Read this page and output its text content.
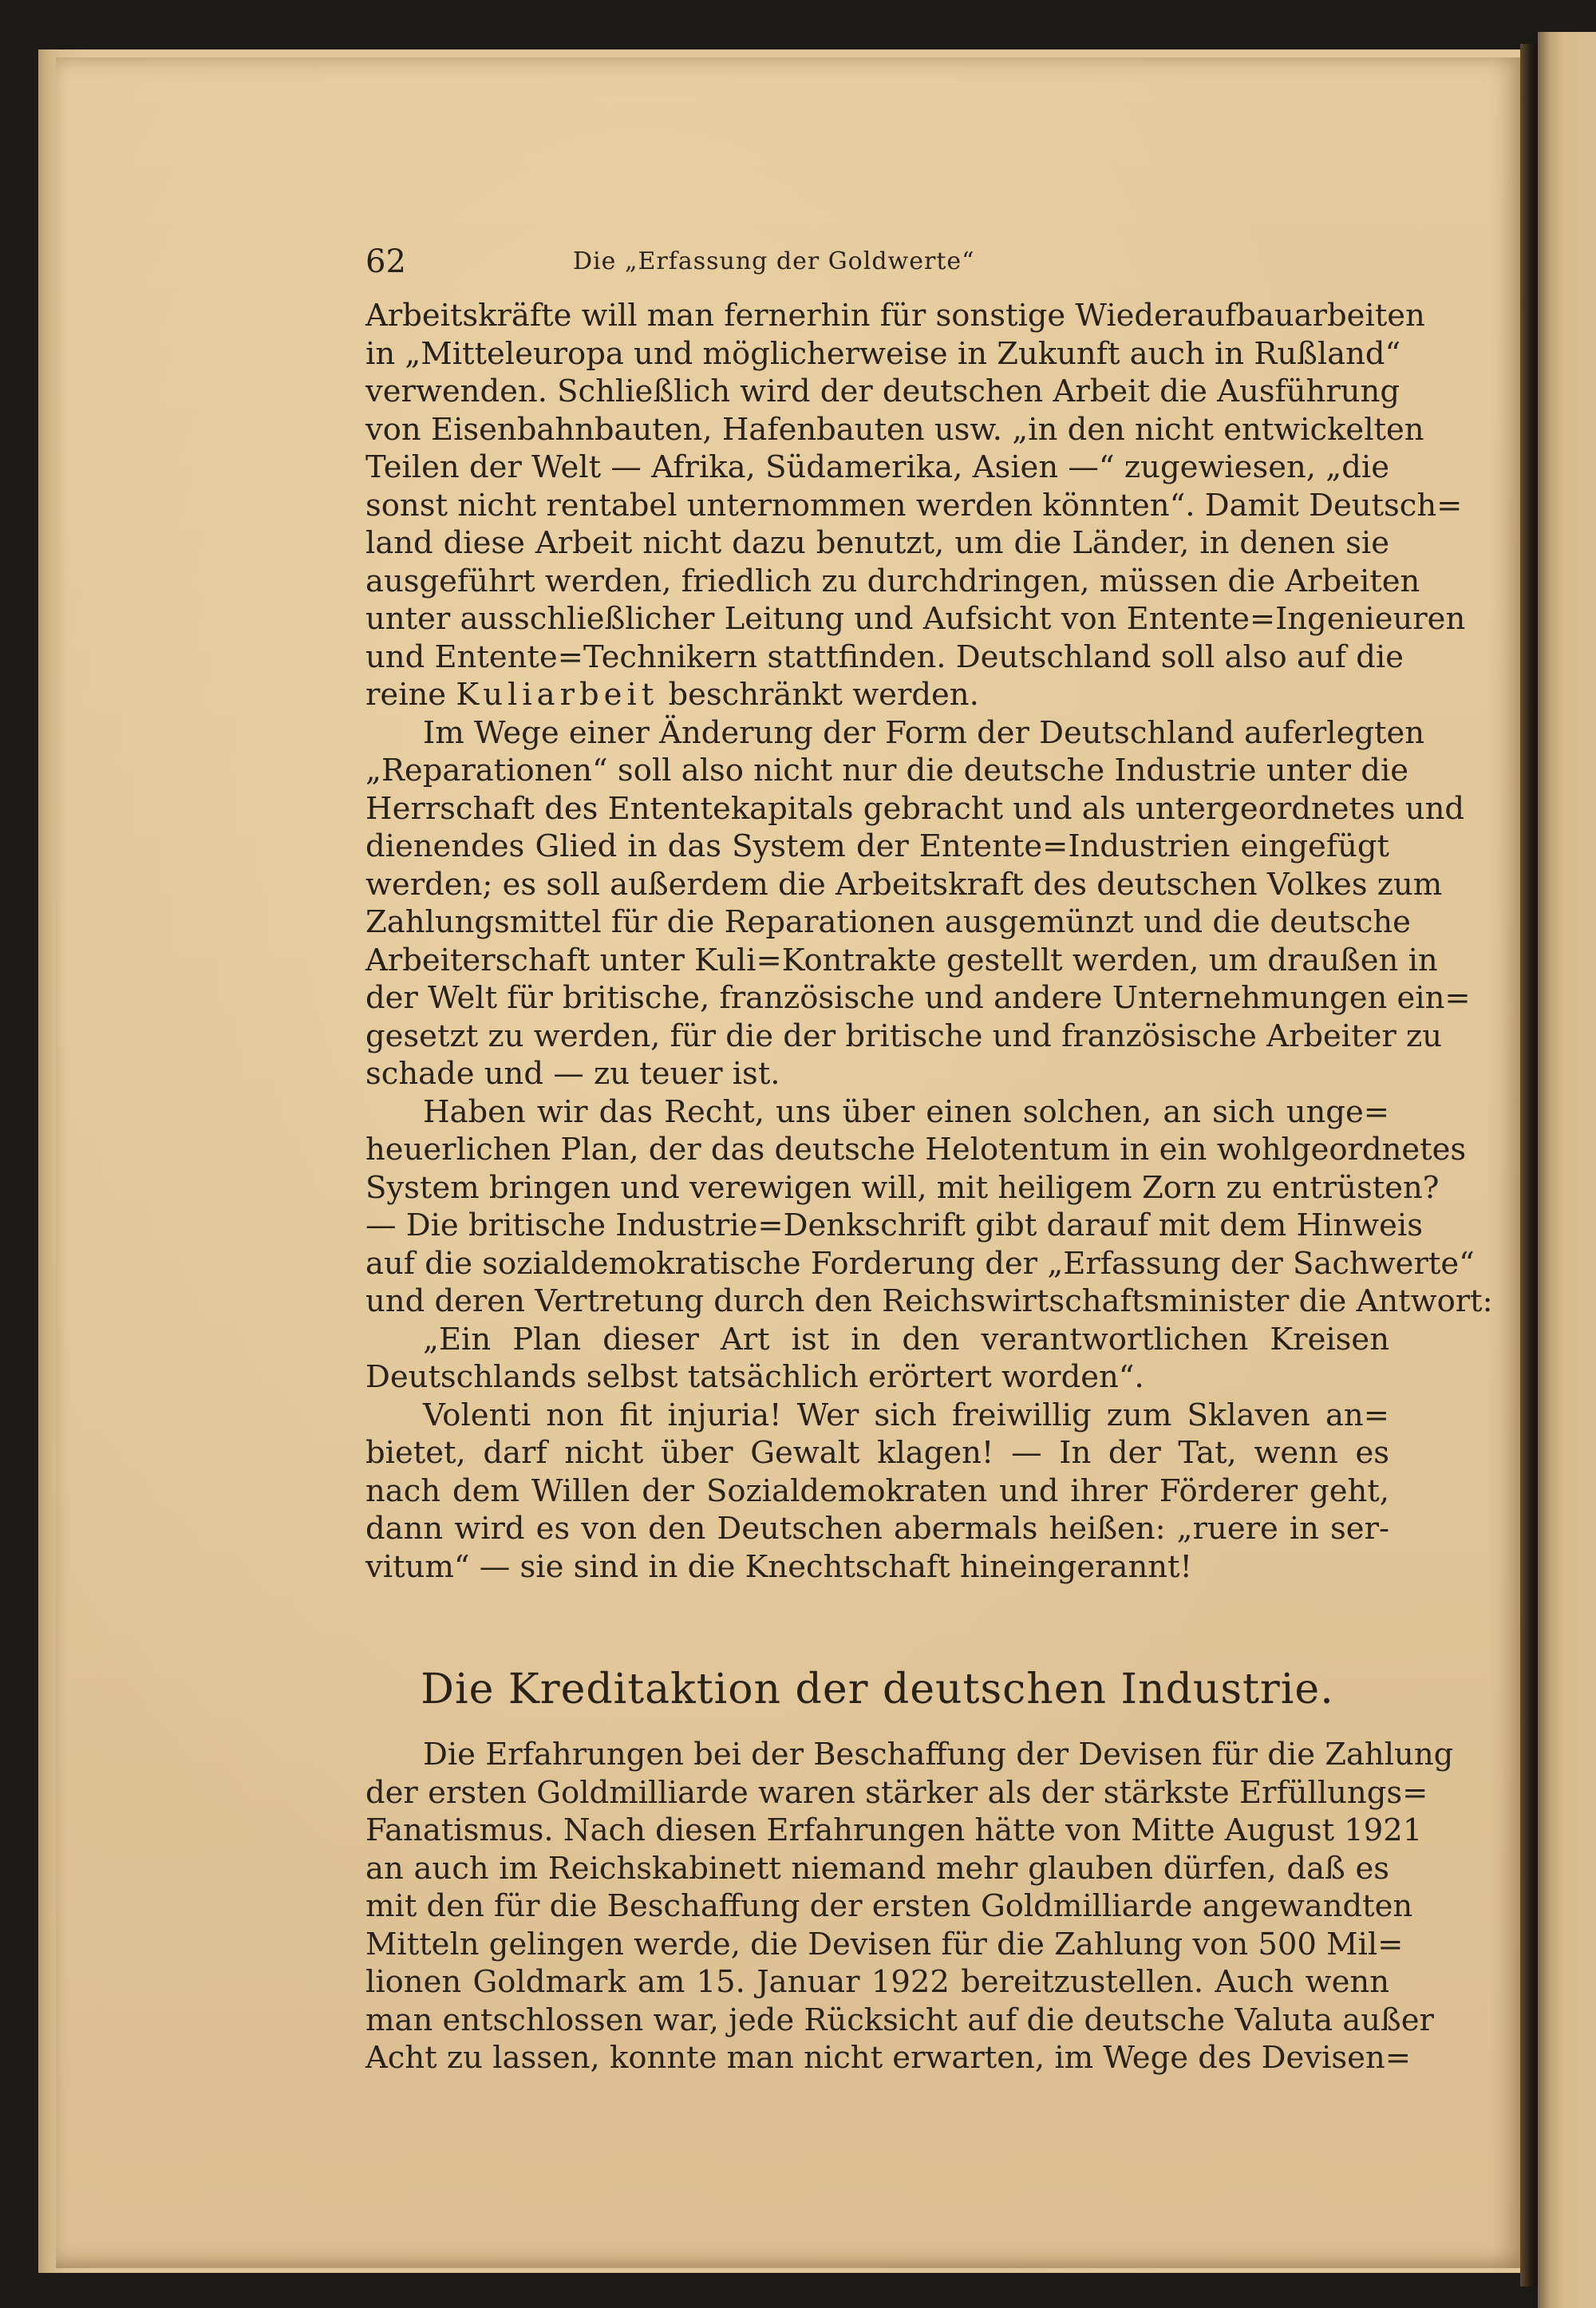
62	Die „Erfassung der Goldwerte“
Arbeitskräfte will man fernerhin für sonstige Wiederaufbauarbeiten
in „Mitteleuropa und möglicherweise in Zukunft auch in Rußland“
verwenden. Schließlich wird der deutschen Arbeit die Ausführung
von Eisenbahnbauten, Hafenbauten usw. „in den nicht entwickelten
Teilen der Welt — Afrika, Südamerika, Asien —“ zugewiesen, „die
sonst nicht rentabel unternommen werden könnten“. Damit Deutsch=
land diese Arbeit nicht dazu benutzt, um die Länder, in denen sie
ausgeführt werden, friedlich zu durchdringen, müssen die Arbeiten
unter ausschließlicher Leitung und Aufsicht von Entente=Ingenieuren
und Entente=Technikern stattfinden. Deutschland soll also auf die
reine Kuliarbeit beschränkt werden.
Im Wege einer Änderung der Form der Deutschland auferlegten
„Reparationen“ soll also nicht nur die deutsche Industrie unter die
Herrschaft des Ententekapitals gebracht und als untergeordnetes und
dienendes Glied in das System der Entente=Industrien eingefügt
werden; es soll außerdem die Arbeitskraft des deutschen Volkes zum
Zahlungsmittel für die Reparationen ausgemünzt und die deutsche
Arbeiterschaft unter Kuli=Kontrakte gestellt werden, um draußen in
der Welt für britische, französische und andere Unternehmungen ein=
gesetzt zu werden, für die der britische und französische Arbeiter zu
schade und — zu teuer ist.
Haben wir das Recht, uns über einen solchen, an sich unge=
heuerlichen Plan, der das deutsche Helotentum in ein wohlgeordnetes
System bringen und verewigen will, mit heiligem Zorn zu entrüsten?
— Die britische Industrie=Denkschrift gibt darauf mit dem Hinweis
auf die sozialdemokratische Forderung der „Erfassung der Sachwerte“
und deren Vertretung durch den Reichswirtschaftsminister die Antwort:
„Ein Plan dieser Art ist in den verantwortlichen Kreisen
Deutschlands selbst tatsächlich erörtert worden“.
Volenti non fit injuria! Wer sich freiwillig zum Sklaven an=
bietet, darf nicht über Gewalt klagen! — In der Tat, wenn es
nach dem Willen der Sozialdemokraten und ihrer Förderer geht,
dann wird es von den Deutschen abermals heißen: „ruere in ser-
vitum“ — sie sind in die Knechtschaft hineingerannt!
Die Kreditaktion der deutschen Industrie.
Die Erfahrungen bei der Beschaffung der Devisen für die Zahlung
der ersten Goldmilliarde waren stärker als der stärkste Erfüllungs=
Fanatismus. Nach diesen Erfahrungen hätte von Mitte August 1921
an auch im Reichskabinett niemand mehr glauben dürfen, daß es
mit den für die Beschaffung der ersten Goldmilliarde angewandten
Mitteln gelingen werde, die Devisen für die Zahlung von 500 Mil=
lionen Goldmark am 15. Januar 1922 bereitzustellen. Auch wenn
man entschlossen war, jede Rücksicht auf die deutsche Valuta außer
Acht zu lassen, konnte man nicht erwarten, im Wege des Devisen=
